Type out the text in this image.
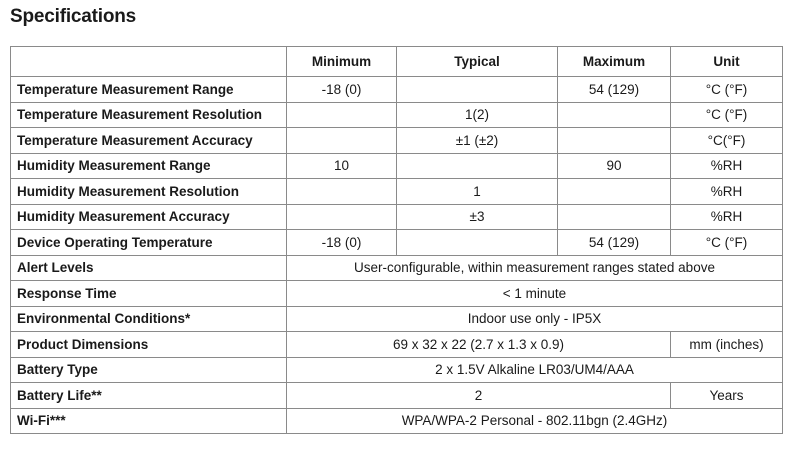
Specifications
	Minimum	Typical	Maximum	Unit
Temperature Measurement Range	-18 (0)		54 (129)	°C (°F)
Temperature Measurement Resolution		1(2)		°C (°F)
Temperature Measurement Accuracy		±1 (±2)		°C(°F)
Humidity Measurement Range	10		90	%RH
Humidity Measurement Resolution		1		%RH
Humidity Measurement Accuracy		±3		%RH
Device Operating Temperature	-18 (0)		54 (129)	°C (°F)
Alert Levels	User-configurable, within measurement ranges stated above			
Response Time	< 1 minute			
Environmental Conditions*	Indoor use only - IP5X			
Product Dimensions	69 x 32 x 22 (2.7 x 1.3 x 0.9)			mm (inches)
Battery Type	2 x 1.5V Alkaline LR03/UM4/AAA			
Battery Life**	2			Years
Wi-Fi***	WPA/WPA-2 Personal - 802.11bgn (2.4GHz)			
